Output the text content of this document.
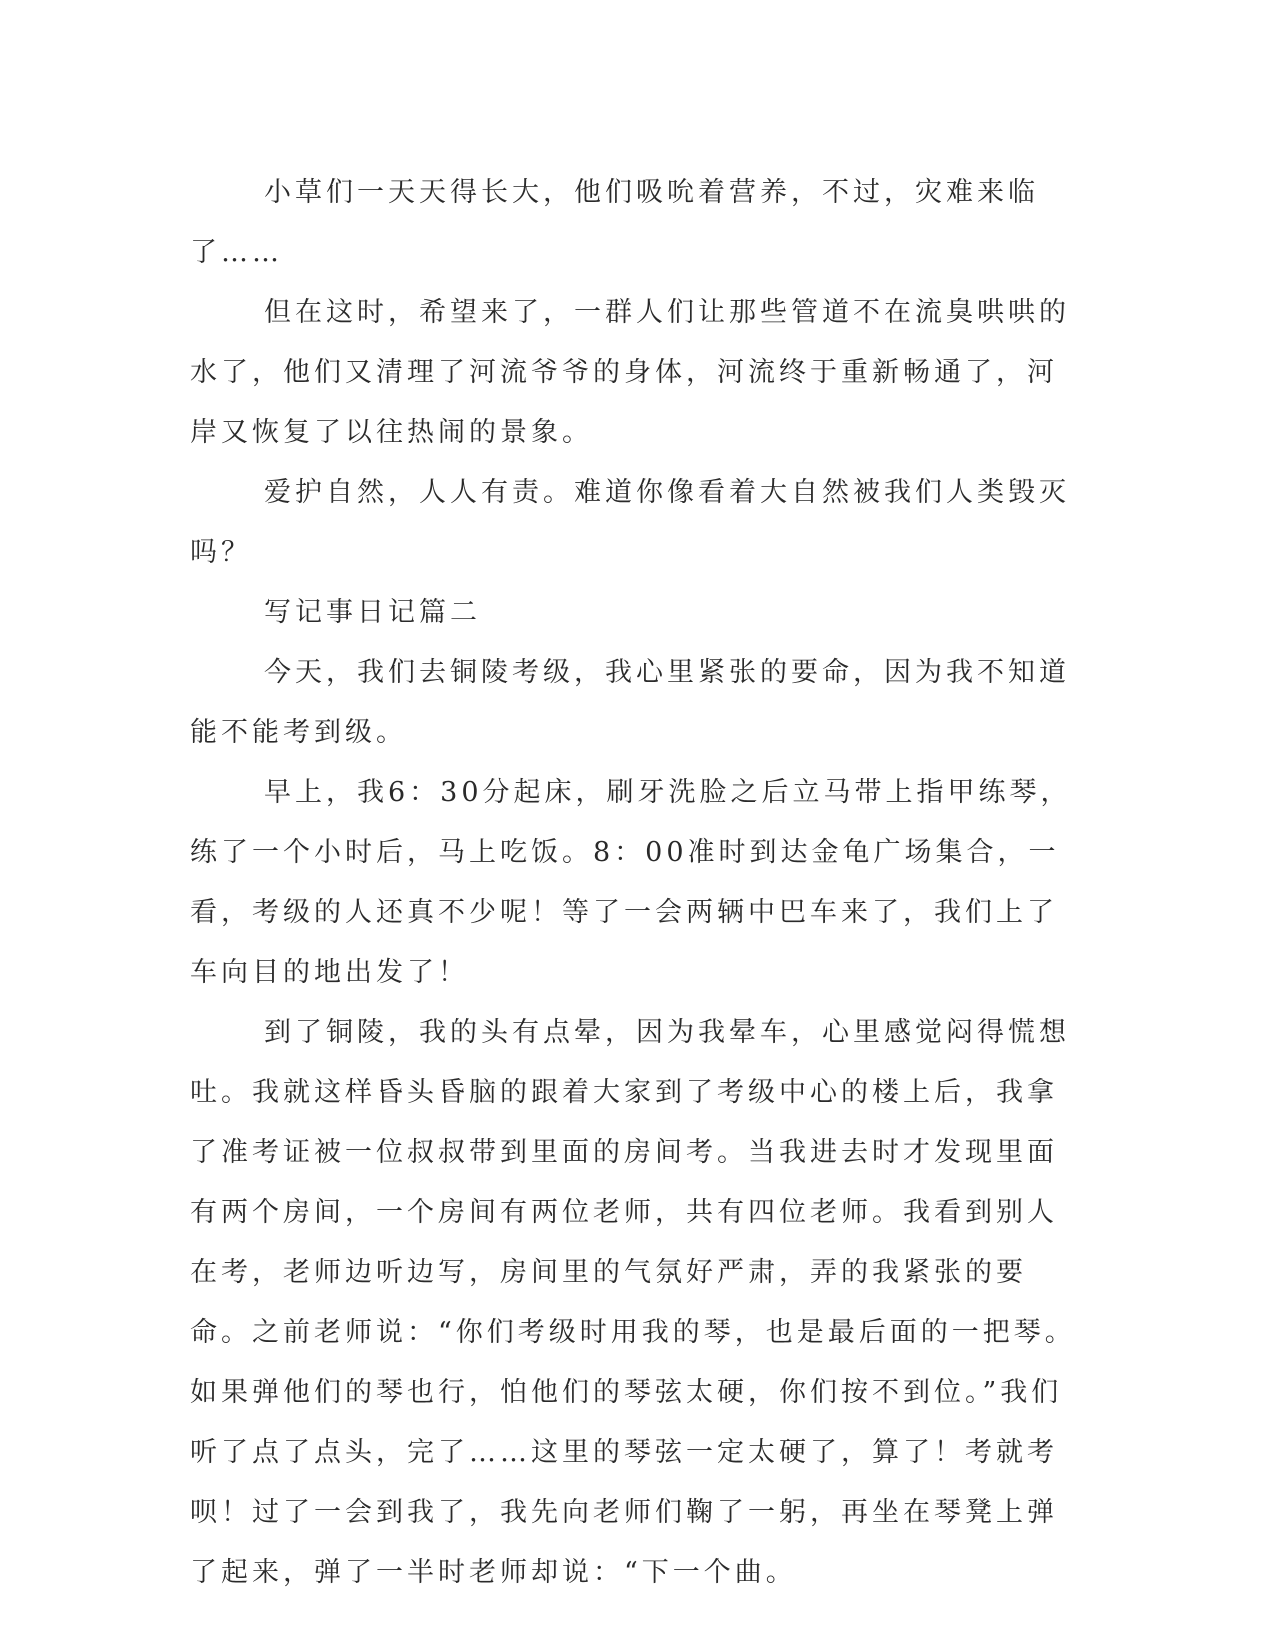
小草们一天天得长大，他们吸吮着营养，不过，灾难来临了……

但在这时，希望来了，一群人们让那些管道不在流臭哄哄的水了，他们又清理了河流爷爷的身体，河流终于重新畅通了，河岸又恢复了以往热闹的景象。

爱护自然，人人有责。难道你像看着大自然被我们人类毁灭吗？

写记事日记篇二

今天，我们去铜陵考级，我心里紧张的要命，因为我不知道能不能考到级。

早上，我6：30分起床，刷牙洗脸之后立马带上指甲练琴，练了一个小时后，马上吃饭。8：00准时到达金龟广场集合，一看，考级的人还真不少呢！等了一会两辆中巴车来了，我们上了车向目的地出发了！

到了铜陵，我的头有点晕，因为我晕车，心里感觉闷得慌想吐。我就这样昏头昏脑的跟着大家到了考级中心的楼上后，我拿了准考证被一位叔叔带到里面的房间考。当我进去时才发现里面有两个房间，一个房间有两位老师，共有四位老师。我看到别人在考，老师边听边写，房间里的气氛好严肃，弄的我紧张的要命。之前老师说：“你们考级时用我的琴，也是最后面的一把琴。如果弹他们的琴也行，怕他们的琴弦太硬，你们按不到位。”我们听了点了点头，完了……这里的琴弦一定太硬了，算了！考就考呗！过了一会到我了，我先向老师们鞠了一躬，再坐在琴凳上弹了起来，弹了一半时老师却说：“下一个曲。
